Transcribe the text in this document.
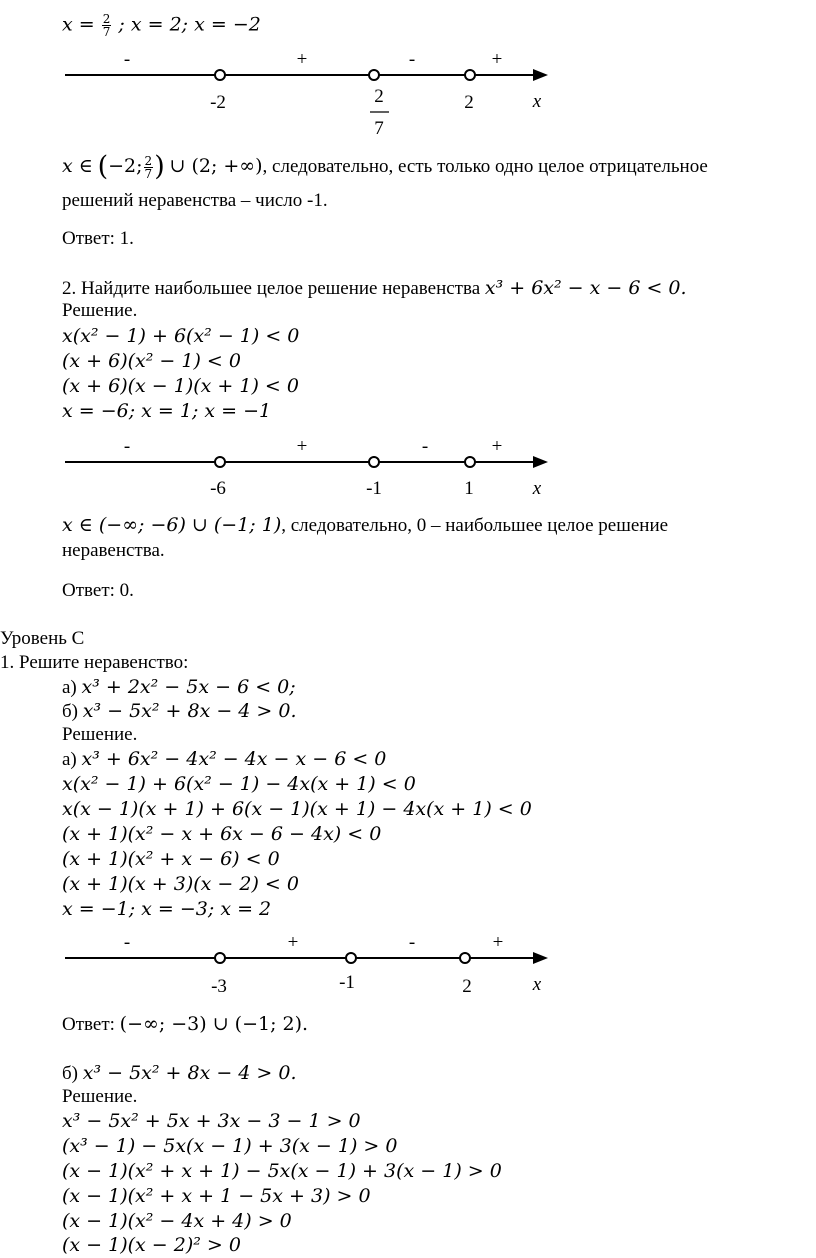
$x = \frac{2}{7}$ ; x = 2; x = −2
-	+	-	+
-2	2
7
2	x
x ∈ (−2; $\frac{2}{7}$ ) ∪ (2; +∞), следовательно, есть только одно целое отрицательное
решений неравенства – число -1.
Ответ: 1.
2. Найдите наибольшее целое решение неравенства x³ + 6x² − x − 6 < 0.
Решение.
x(x² − 1) + 6(x² − 1) < 0
(x + 6)(x² − 1) < 0
(x + 6)(x − 1)(x + 1) < 0
x = −6; x = 1; x = −1
-	+	-	+
-6	-1	1	x
x ∈ (−∞; −6) ∪ (−1; 1), следовательно, 0 – наибольшее целое решение
неравенства.
Ответ: 0.
Уровень С
1. Решите неравенство:
а) x³ + 2x² − 5x − 6 < 0;
б) x³ − 5x² + 8x − 4 > 0.
Решение.
а) x³ + 6x² − 4x² − 4x − x − 6 < 0
x(x² − 1) + 6(x² − 1) − 4x(x + 1) < 0
x(x − 1)(x + 1) + 6(x − 1)(x + 1) − 4x(x + 1) < 0
(x + 1)(x² − x + 6x − 6 − 4x) < 0
(x + 1)(x² + x − 6) < 0
(x + 1)(x + 3)(x − 2) < 0
x = −1; x = −3; x = 2
-	+	-	+
-3	-1	2	x
Ответ: (−∞; −3) ∪ (−1; 2).
б) x³ − 5x² + 8x − 4 > 0.
Решение.
x³ − 5x² + 5x + 3x − 3 − 1 > 0
(x³ − 1) − 5x(x − 1) + 3(x − 1) > 0
(x − 1)(x² + x + 1) − 5x(x − 1) + 3(x − 1) > 0
(x − 1)(x² + x + 1 − 5x + 3) > 0
(x − 1)(x² − 4x + 4) > 0
(x − 1)(x − 2)² > 0
